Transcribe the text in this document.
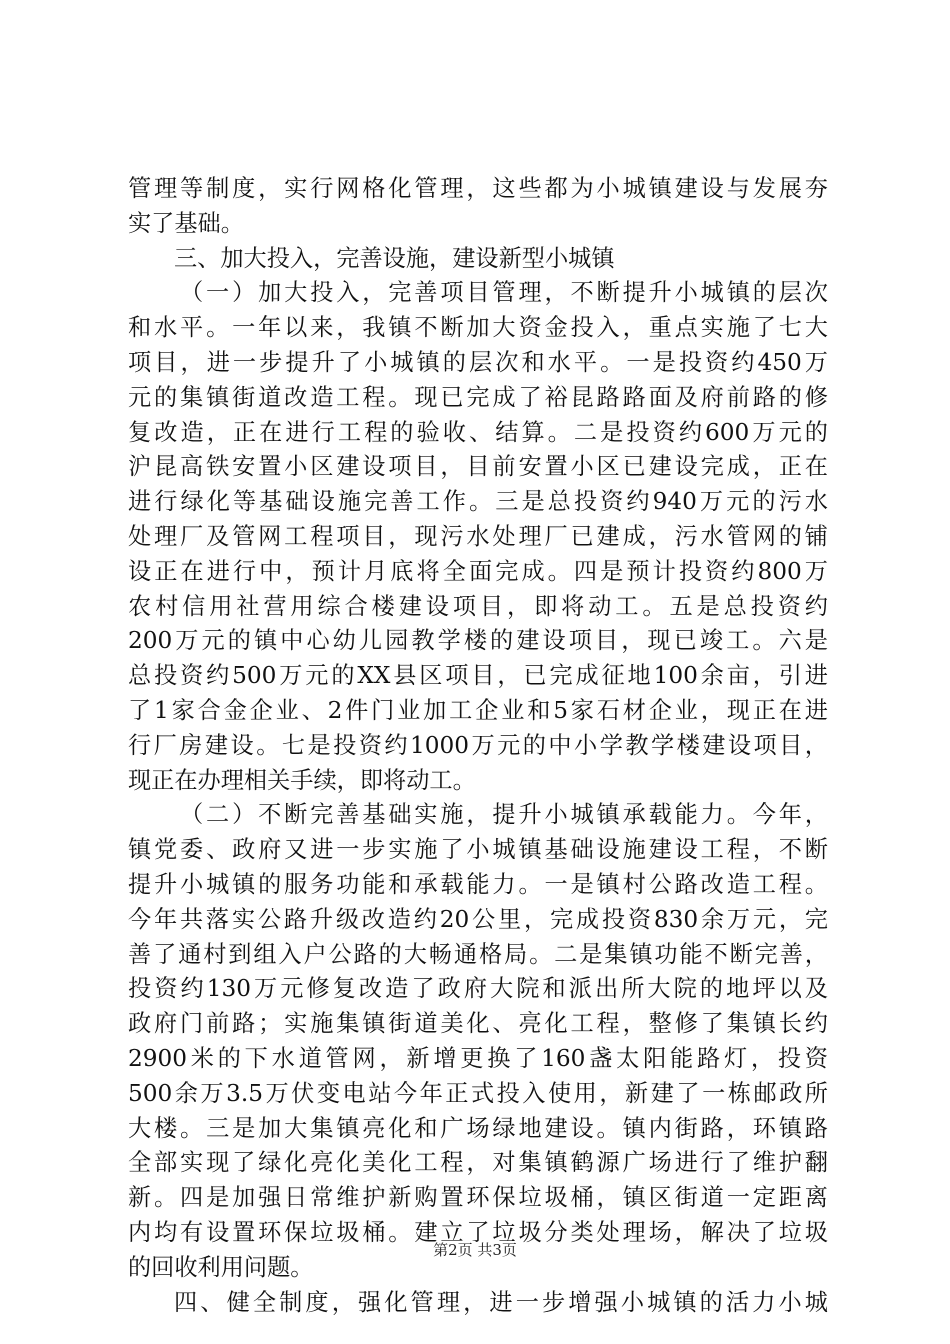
管理等制度，实行网格化管理，这些都为小城镇建设与发展夯
实了基础。
三、加大投入，完善设施，建设新型小城镇
（一）加大投入，完善项目管理，不断提升小城镇的层次
和水平。一年以来，我镇不断加大资金投入，重点实施了七大
项目，进一步提升了小城镇的层次和水平。一是投资约450万
元的集镇街道改造工程。现已完成了裕昆路路面及府前路的修
复改造，正在进行工程的验收、结算。二是投资约600万元的
沪昆高铁安置小区建设项目，目前安置小区已建设完成，正在
进行绿化等基础设施完善工作。三是总投资约940万元的污水
处理厂及管网工程项目，现污水处理厂已建成，污水管网的铺
设正在进行中，预计月底将全面完成。四是预计投资约800万
农村信用社营用综合楼建设项目，即将动工。五是总投资约
200万元的镇中心幼儿园教学楼的建设项目，现已竣工。六是
总投资约500万元的XX县区项目，已完成征地100余亩，引进
了1家合金企业、2件门业加工企业和5家石材企业，现正在进
行厂房建设。七是投资约1000万元的中小学教学楼建设项目，
现正在办理相关手续，即将动工。
（二）不断完善基础实施，提升小城镇承载能力。今年，
镇党委、政府又进一步实施了小城镇基础设施建设工程，不断
提升小城镇的服务功能和承载能力。一是镇村公路改造工程。
今年共落实公路升级改造约20公里，完成投资830余万元，完
善了通村到组入户公路的大畅通格局。二是集镇功能不断完善，
投资约130万元修复改造了政府大院和派出所大院的地坪以及
政府门前路；实施集镇街道美化、亮化工程，整修了集镇长约
2900米的下水道管网，新增更换了160盏太阳能路灯，投资
500余万3.5万伏变电站今年正式投入使用，新建了一栋邮政所
大楼。三是加大集镇亮化和广场绿地建设。镇内街路，环镇路
全部实现了绿化亮化美化工程，对集镇鹤源广场进行了维护翻
新。四是加强日常维护新购置环保垃圾桶，镇区街道一定距离
内均有设置环保垃圾桶。建立了垃圾分类处理场，解决了垃圾
的回收利用问题。
四、健全制度，强化管理，进一步增强小城镇的活力小城
第2页 共3页
